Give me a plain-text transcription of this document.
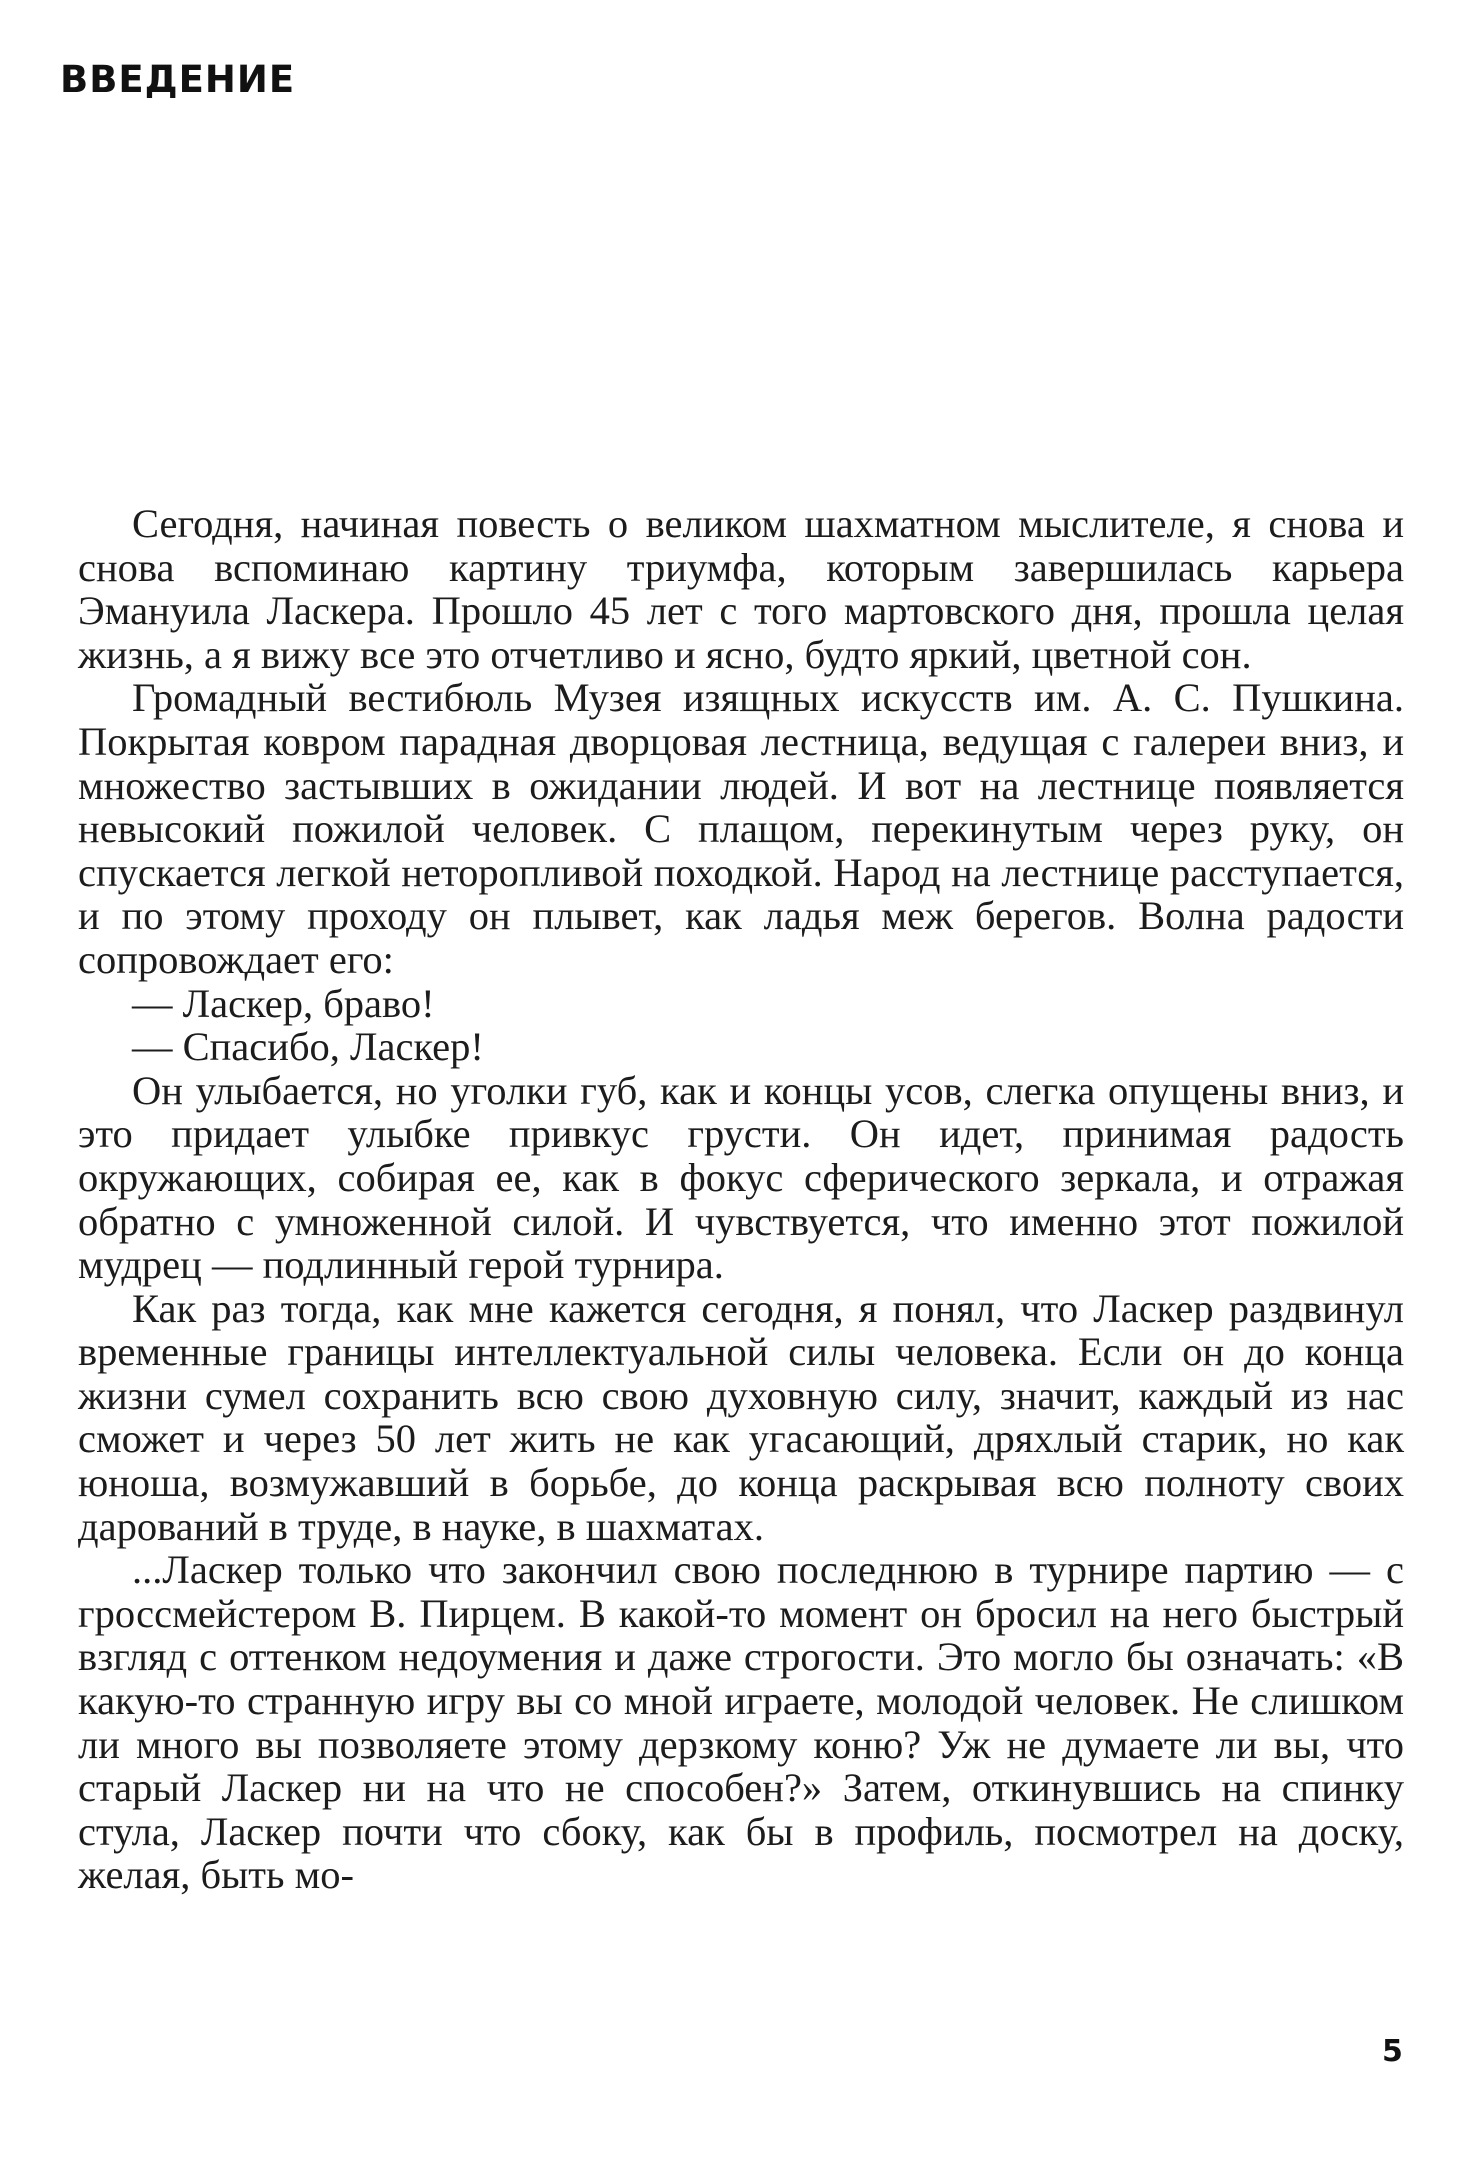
ВВЕДЕНИЕ

Сегодня, начиная повесть о великом шахматном мыслителе, я снова и снова вспоминаю картину триумфа, которым завершилась карьера Эмануила Ласкера. Прошло 45 лет с того мартовского дня, прошла целая жизнь, а я вижу все это отчетливо и ясно, будто яркий, цветной сон.

Громадный вестибюль Музея изящных искусств им. А. С. Пушкина. Покрытая ковром парадная дворцовая лестница, ведущая с галереи вниз, и множество застывших в ожидании людей. И вот на лестнице появляется невысокий пожилой человек. С плащом, перекинутым через руку, он спускается легкой неторопливой походкой. Народ на лестнице расступается, и по этому проходу он плывет, как ладья меж берегов. Волна радости сопровождает его:

— Ласкер, браво!

— Спасибо, Ласкер!

Он улыбается, но уголки губ, как и концы усов, слегка опущены вниз, и это придает улыбке привкус грусти. Он идет, принимая радость окружающих, собирая ее, как в фокус сферического зеркала, и отражая обратно с умноженной силой. И чувствуется, что именно этот пожилой мудрец — подлинный герой турнира.

Как раз тогда, как мне кажется сегодня, я понял, что Ласкер раздвинул временные границы интеллектуальной силы человека. Если он до конца жизни сумел сохранить всю свою духовную силу, значит, каждый из нас сможет и через 50 лет жить не как угасающий, дряхлый старик, но как юноша, возмужавший в борьбе, до конца раскрывая всю полноту своих дарований в труде, в науке, в шахматах.

...Ласкер только что закончил свою последнюю в турнире партию — с гроссмейстером В. Пирцем. В какой-то момент он бросил на него быстрый взгляд с оттенком недоумения и даже строгости. Это могло бы означать: «В какую-то странную игру вы со мной играете, молодой человек. Не слишком ли много вы позволяете этому дерзкому коню? Уж не думаете ли вы, что старый Ласкер ни на что не способен?» Затем, откинувшись на спинку стула, Ласкер почти что сбоку, как бы в профиль, посмотрел на доску, желая, быть мо-

5
